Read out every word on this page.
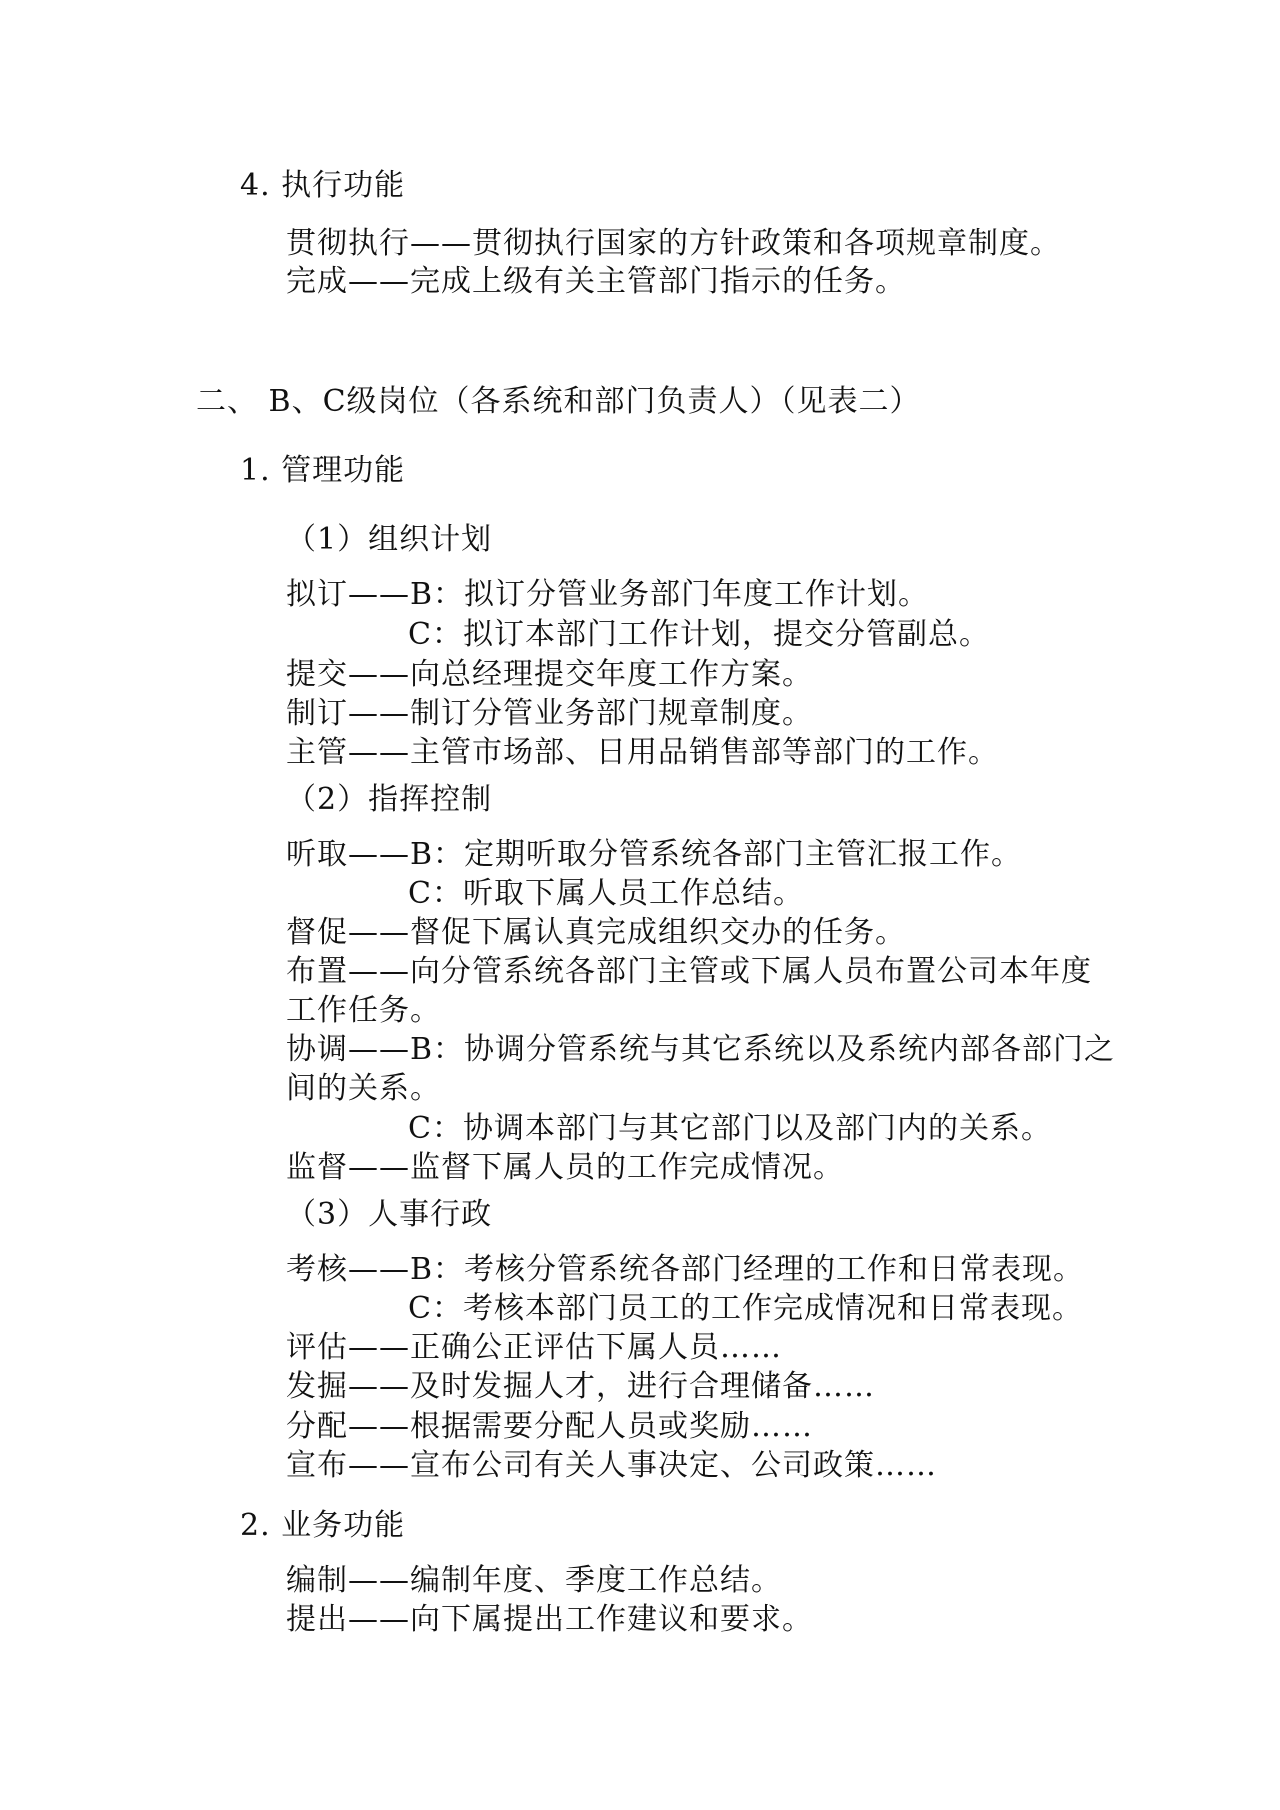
4. 执行功能
贯彻执行——贯彻执行国家的方针政策和各项规章制度。
完成——完成上级有关主管部门指示的任务。
二、 B、C级岗位（各系统和部门负责人）（见表二）
1. 管理功能
（1）组织计划
拟订——B：拟订分管业务部门年度工作计划。
C：拟订本部门工作计划，提交分管副总。
提交——向总经理提交年度工作方案。
制订——制订分管业务部门规章制度。
主管——主管市场部、日用品销售部等部门的工作。
（2）指挥控制
听取——B：定期听取分管系统各部门主管汇报工作。
C：听取下属人员工作总结。
督促——督促下属认真完成组织交办的任务。
布置——向分管系统各部门主管或下属人员布置公司本年度
工作任务。
协调——B：协调分管系统与其它系统以及系统内部各部门之
间的关系。
C：协调本部门与其它部门以及部门内的关系。
监督——监督下属人员的工作完成情况。
（3）人事行政
考核——B：考核分管系统各部门经理的工作和日常表现。
C：考核本部门员工的工作完成情况和日常表现。
评估——正确公正评估下属人员……
发掘——及时发掘人才，进行合理储备……
分配——根据需要分配人员或奖励……
宣布——宣布公司有关人事决定、公司政策……
2. 业务功能
编制——编制年度、季度工作总结。
提出——向下属提出工作建议和要求。
